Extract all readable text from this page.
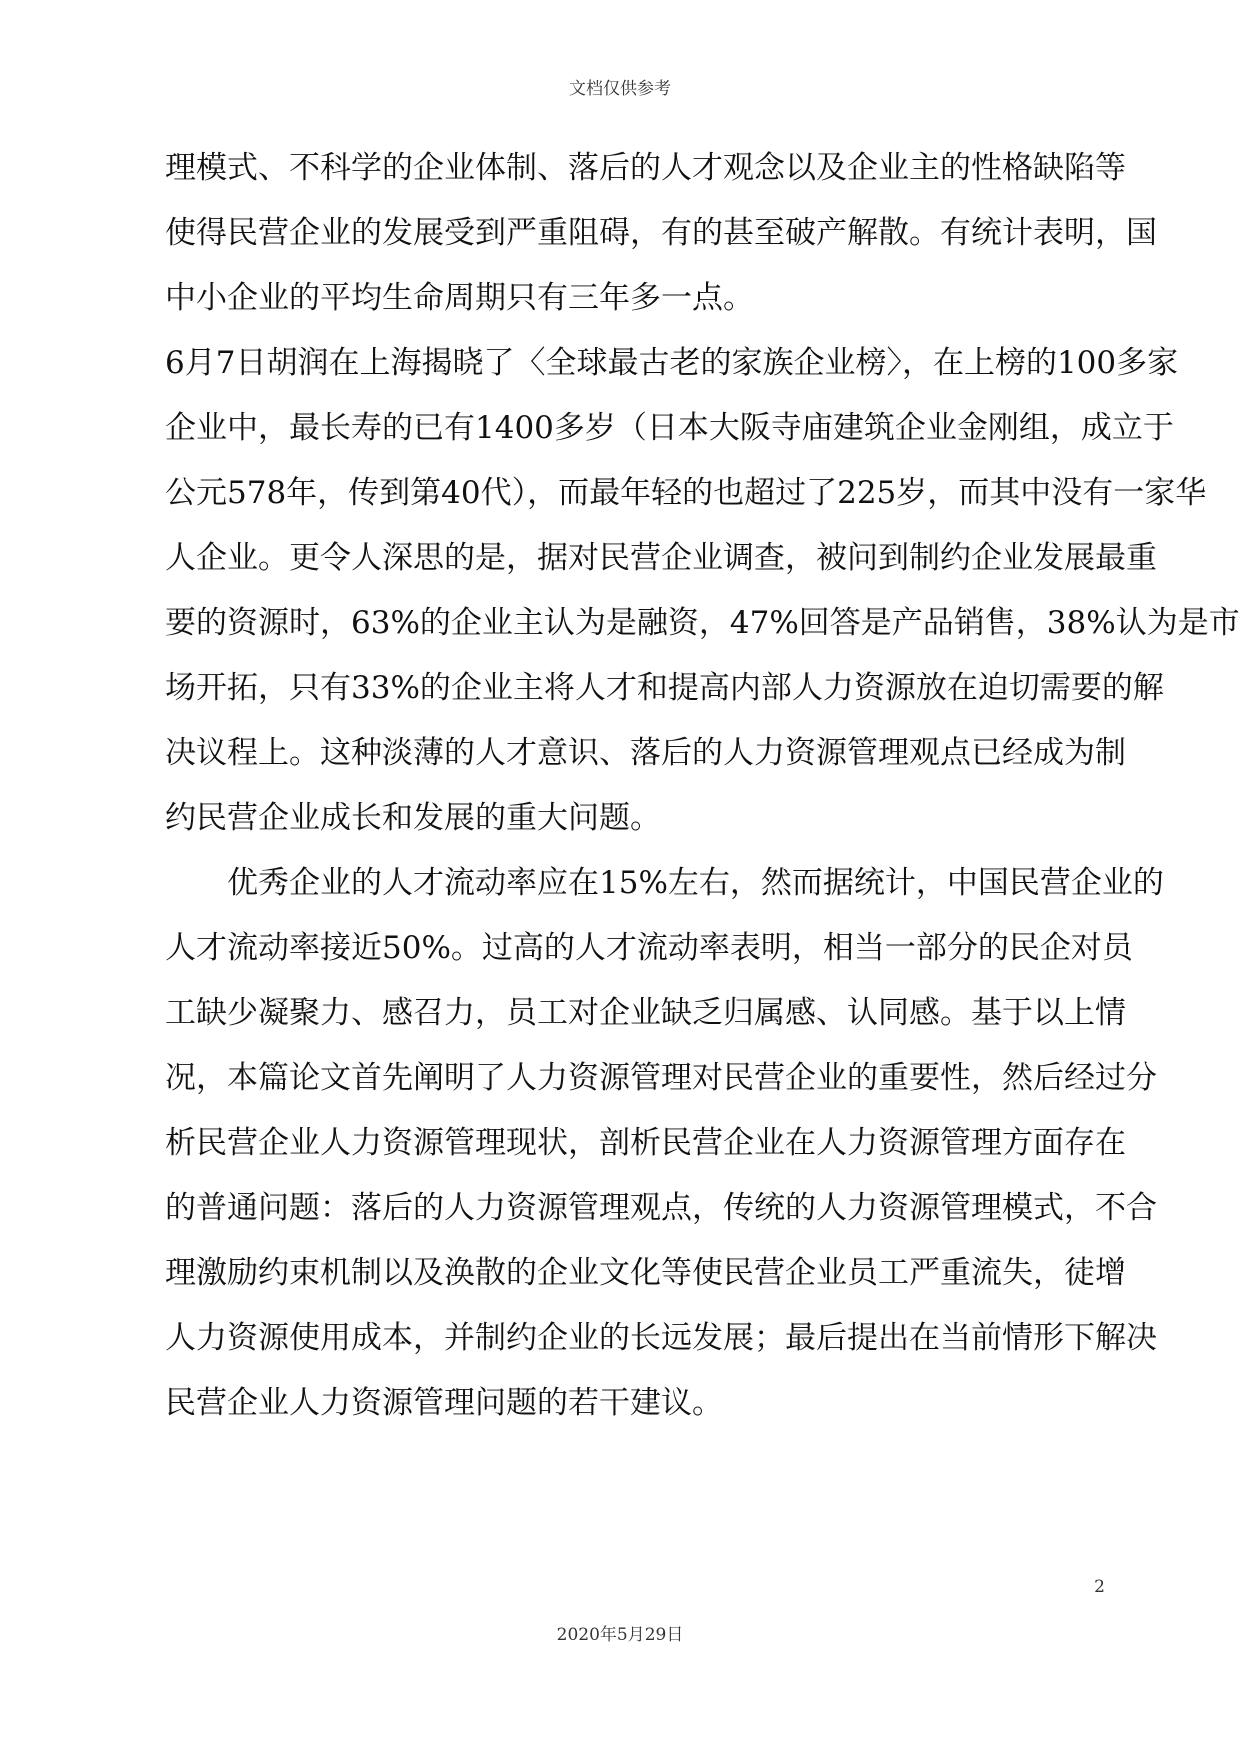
文档仅供参考
理模式、不科学的企业体制、落后的人才观念以及企业主的性格缺陷等
使得民营企业的发展受到严重阻碍，有的甚至破产解散。有统计表明，国
中小企业的平均生命周期只有三年多一点。
6月7日胡润在上海揭晓了〈全球最古老的家族企业榜〉，在上榜的100多家
企业中，最长寿的已有1400多岁（日本大阪寺庙建筑企业金刚组，成立于
公元578年，传到第40代），而最年轻的也超过了225岁，而其中没有一家华
人企业。更令人深思的是，据对民营企业调查，被问到制约企业发展最重
要的资源时，63%的企业主认为是融资，47%回答是产品销售，38%认为是市
场开拓，只有33%的企业主将人才和提高内部人力资源放在迫切需要的解
决议程上。这种淡薄的人才意识、落后的人力资源管理观点已经成为制
约民营企业成长和发展的重大问题。
优秀企业的人才流动率应在15%左右，然而据统计，中国民营企业的
人才流动率接近50%。过高的人才流动率表明，相当一部分的民企对员
工缺少凝聚力、感召力，员工对企业缺乏归属感、认同感。基于以上情
况，本篇论文首先阐明了人力资源管理对民营企业的重要性，然后经过分
析民营企业人力资源管理现状，剖析民营企业在人力资源管理方面存在
的普通问题：落后的人力资源管理观点，传统的人力资源管理模式，不合
理激励约束机制以及涣散的企业文化等使民营企业员工严重流失，徒增
人力资源使用成本，并制约企业的长远发展；最后提出在当前情形下解决
民营企业人力资源管理问题的若干建议。
2
2020年5月29日
